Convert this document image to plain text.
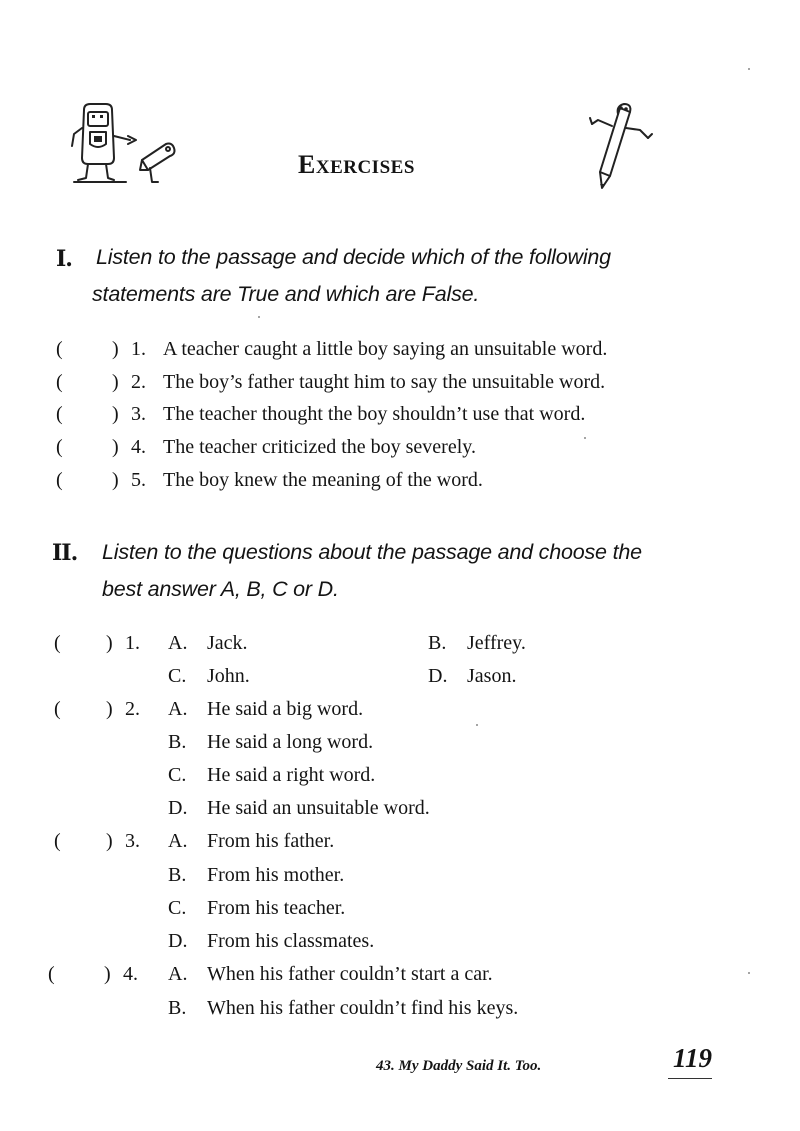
EXERCISES
I. Listen to the passage and decide which of the following
statements are True and which are False.
( ) 1. A teacher caught a little boy saying an unsuitable word.
( ) 2. The boy’s father taught him to say the unsuitable word.
( ) 3. The teacher thought the boy shouldn’t use that word.
( ) 4. The teacher criticized the boy severely.
( ) 5. The boy knew the meaning of the word.
II. Listen to the questions about the passage and choose the
best answer A, B, C or D.
( ) 1. A. Jack.	B. Jeffrey.
C. John.	D. Jason.
( ) 2. A. He said a big word.
B. He said a long word.
C. He said a right word.
D. He said an unsuitable word.
( ) 3. A. From his father.
B. From his mother.
C. From his teacher.
D. From his classmates.
( ) 4. A. When his father couldn’t start a car.
B. When his father couldn’t find his keys.
43. My Daddy Said It. Too.	119
